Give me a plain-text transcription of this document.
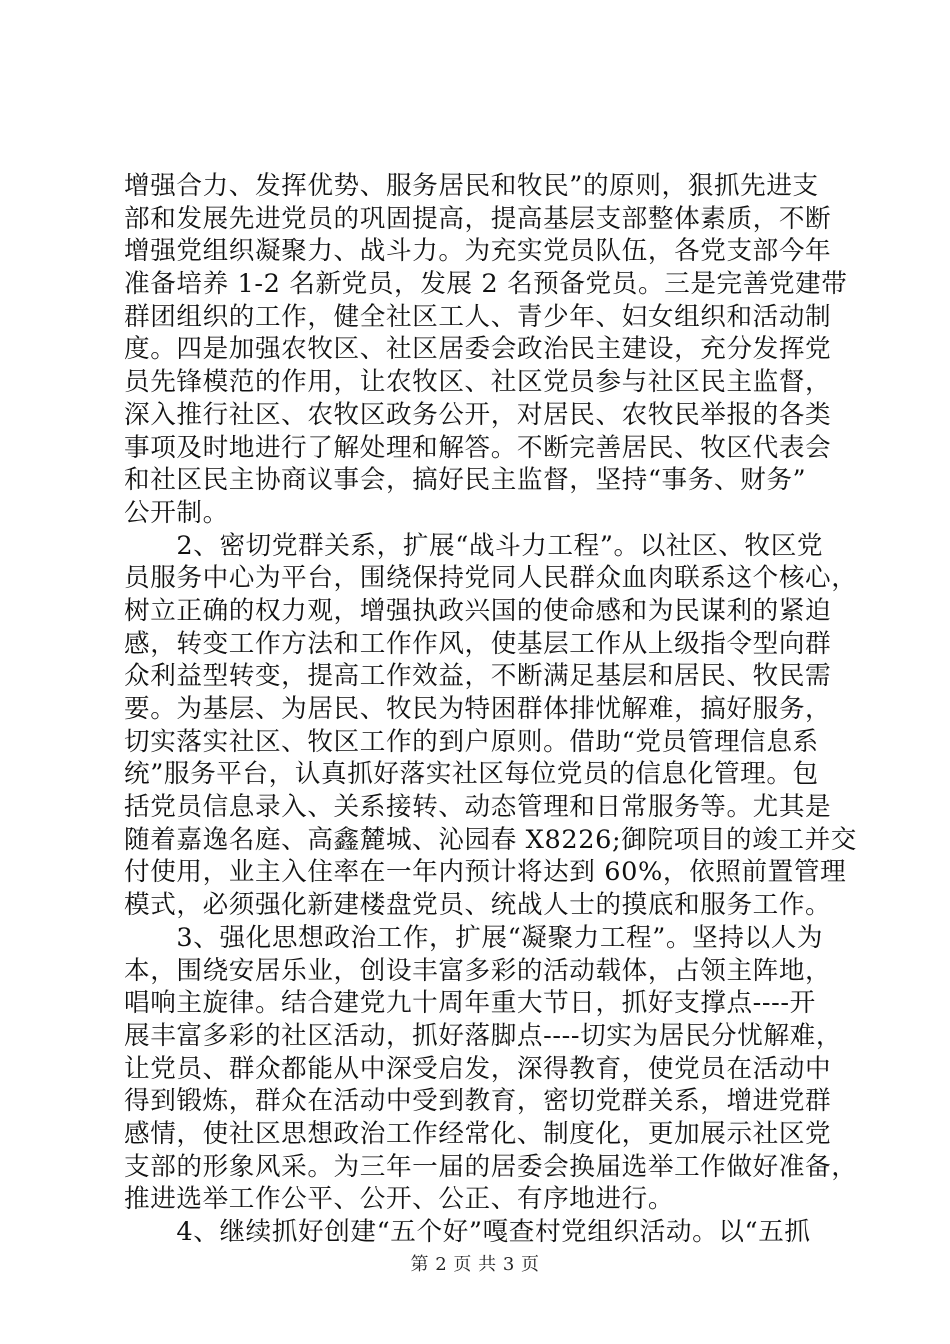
增强合力、发挥优势、服务居民和牧民”的原则，狠抓先进支
部和发展先进党员的巩固提高，提高基层支部整体素质，不断
增强党组织凝聚力、战斗力。为充实党员队伍，各党支部今年
准备培养 1-2 名新党员，发展 2 名预备党员。三是完善党建带
群团组织的工作，健全社区工人、青少年、妇女组织和活动制
度。四是加强农牧区、社区居委会政治民主建设，充分发挥党
员先锋模范的作用，让农牧区、社区党员参与社区民主监督，
深入推行社区、农牧区政务公开，对居民、农牧民举报的各类
事项及时地进行了解处理和解答。不断完善居民、牧区代表会
和社区民主协商议事会，搞好民主监督，坚持“事务、财务”
公开制。
　　2、密切党群关系，扩展“战斗力工程”。以社区、牧区党
员服务中心为平台，围绕保持党同人民群众血肉联系这个核心，
树立正确的权力观，增强执政兴国的使命感和为民谋利的紧迫
感，转变工作方法和工作作风，使基层工作从上级指令型向群
众利益型转变，提高工作效益，不断满足基层和居民、牧民需
要。为基层、为居民、牧民为特困群体排忧解难，搞好服务，
切实落实社区、牧区工作的到户原则。借助“党员管理信息系
统”服务平台，认真抓好落实社区每位党员的信息化管理。包
括党员信息录入、关系接转、动态管理和日常服务等。尤其是
随着嘉逸名庭、高鑫麓城、沁园春 X8226;御院项目的竣工并交
付使用，业主入住率在一年内预计将达到 60%，依照前置管理
模式，必须强化新建楼盘党员、统战人士的摸底和服务工作。
　　3、强化思想政治工作，扩展“凝聚力工程”。坚持以人为
本，围绕安居乐业，创设丰富多彩的活动载体，占领主阵地，
唱响主旋律。结合建党九十周年重大节日，抓好支撑点----开
展丰富多彩的社区活动，抓好落脚点----切实为居民分忧解难，
让党员、群众都能从中深受启发，深得教育，使党员在活动中
得到锻炼，群众在活动中受到教育，密切党群关系，增进党群
感情，使社区思想政治工作经常化、制度化，更加展示社区党
支部的形象风采。为三年一届的居委会换届选举工作做好准备，
推进选举工作公平、公开、公正、有序地进行。
　　4、继续抓好创建“五个好”嘎查村党组织活动。以“五抓
第 2 页 共 3 页
